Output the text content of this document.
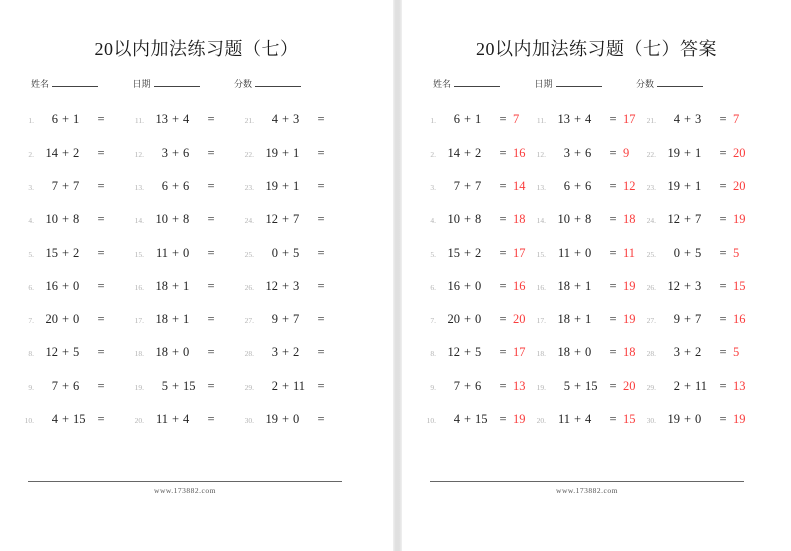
20以内加法练习题（七）
姓名	日期	分数
1. 6 + 1 =
2. 14 + 2 =
3. 7 + 7 =
4. 10 + 8 =
5. 15 + 2 =
6. 16 + 0 =
7. 20 + 0 =
8. 12 + 5 =
9. 7 + 6 =
10. 4 + 15 =
11. 13 + 4 =
12. 3 + 6 =
13. 6 + 6 =
14. 10 + 8 =
15. 11 + 0 =
16. 18 + 1 =
17. 18 + 1 =
18. 18 + 0 =
19. 5 + 15 =
20. 11 + 4 =
21. 4 + 3 =
22. 19 + 1 =
23. 19 + 1 =
24. 12 + 7 =
25. 0 + 5 =
26. 12 + 3 =
27. 9 + 7 =
28. 3 + 2 =
29. 2 + 11 =
30. 19 + 0 =
www.173882.com
20以内加法练习题（七）答案
姓名	日期	分数
1. 6 + 1 = 7
2. 14 + 2 = 16
3. 7 + 7 = 14
4. 10 + 8 = 18
5. 15 + 2 = 17
6. 16 + 0 = 16
7. 20 + 0 = 20
8. 12 + 5 = 17
9. 7 + 6 = 13
10. 4 + 15 = 19
11. 13 + 4 = 17
12. 3 + 6 = 9
13. 6 + 6 = 12
14. 10 + 8 = 18
15. 11 + 0 = 11
16. 18 + 1 = 19
17. 18 + 1 = 19
18. 18 + 0 = 18
19. 5 + 15 = 20
20. 11 + 4 = 15
21. 4 + 3 = 7
22. 19 + 1 = 20
23. 19 + 1 = 20
24. 12 + 7 = 19
25. 0 + 5 = 5
26. 12 + 3 = 15
27. 9 + 7 = 16
28. 3 + 2 = 5
29. 2 + 11 = 13
30. 19 + 0 = 19
www.173882.com
